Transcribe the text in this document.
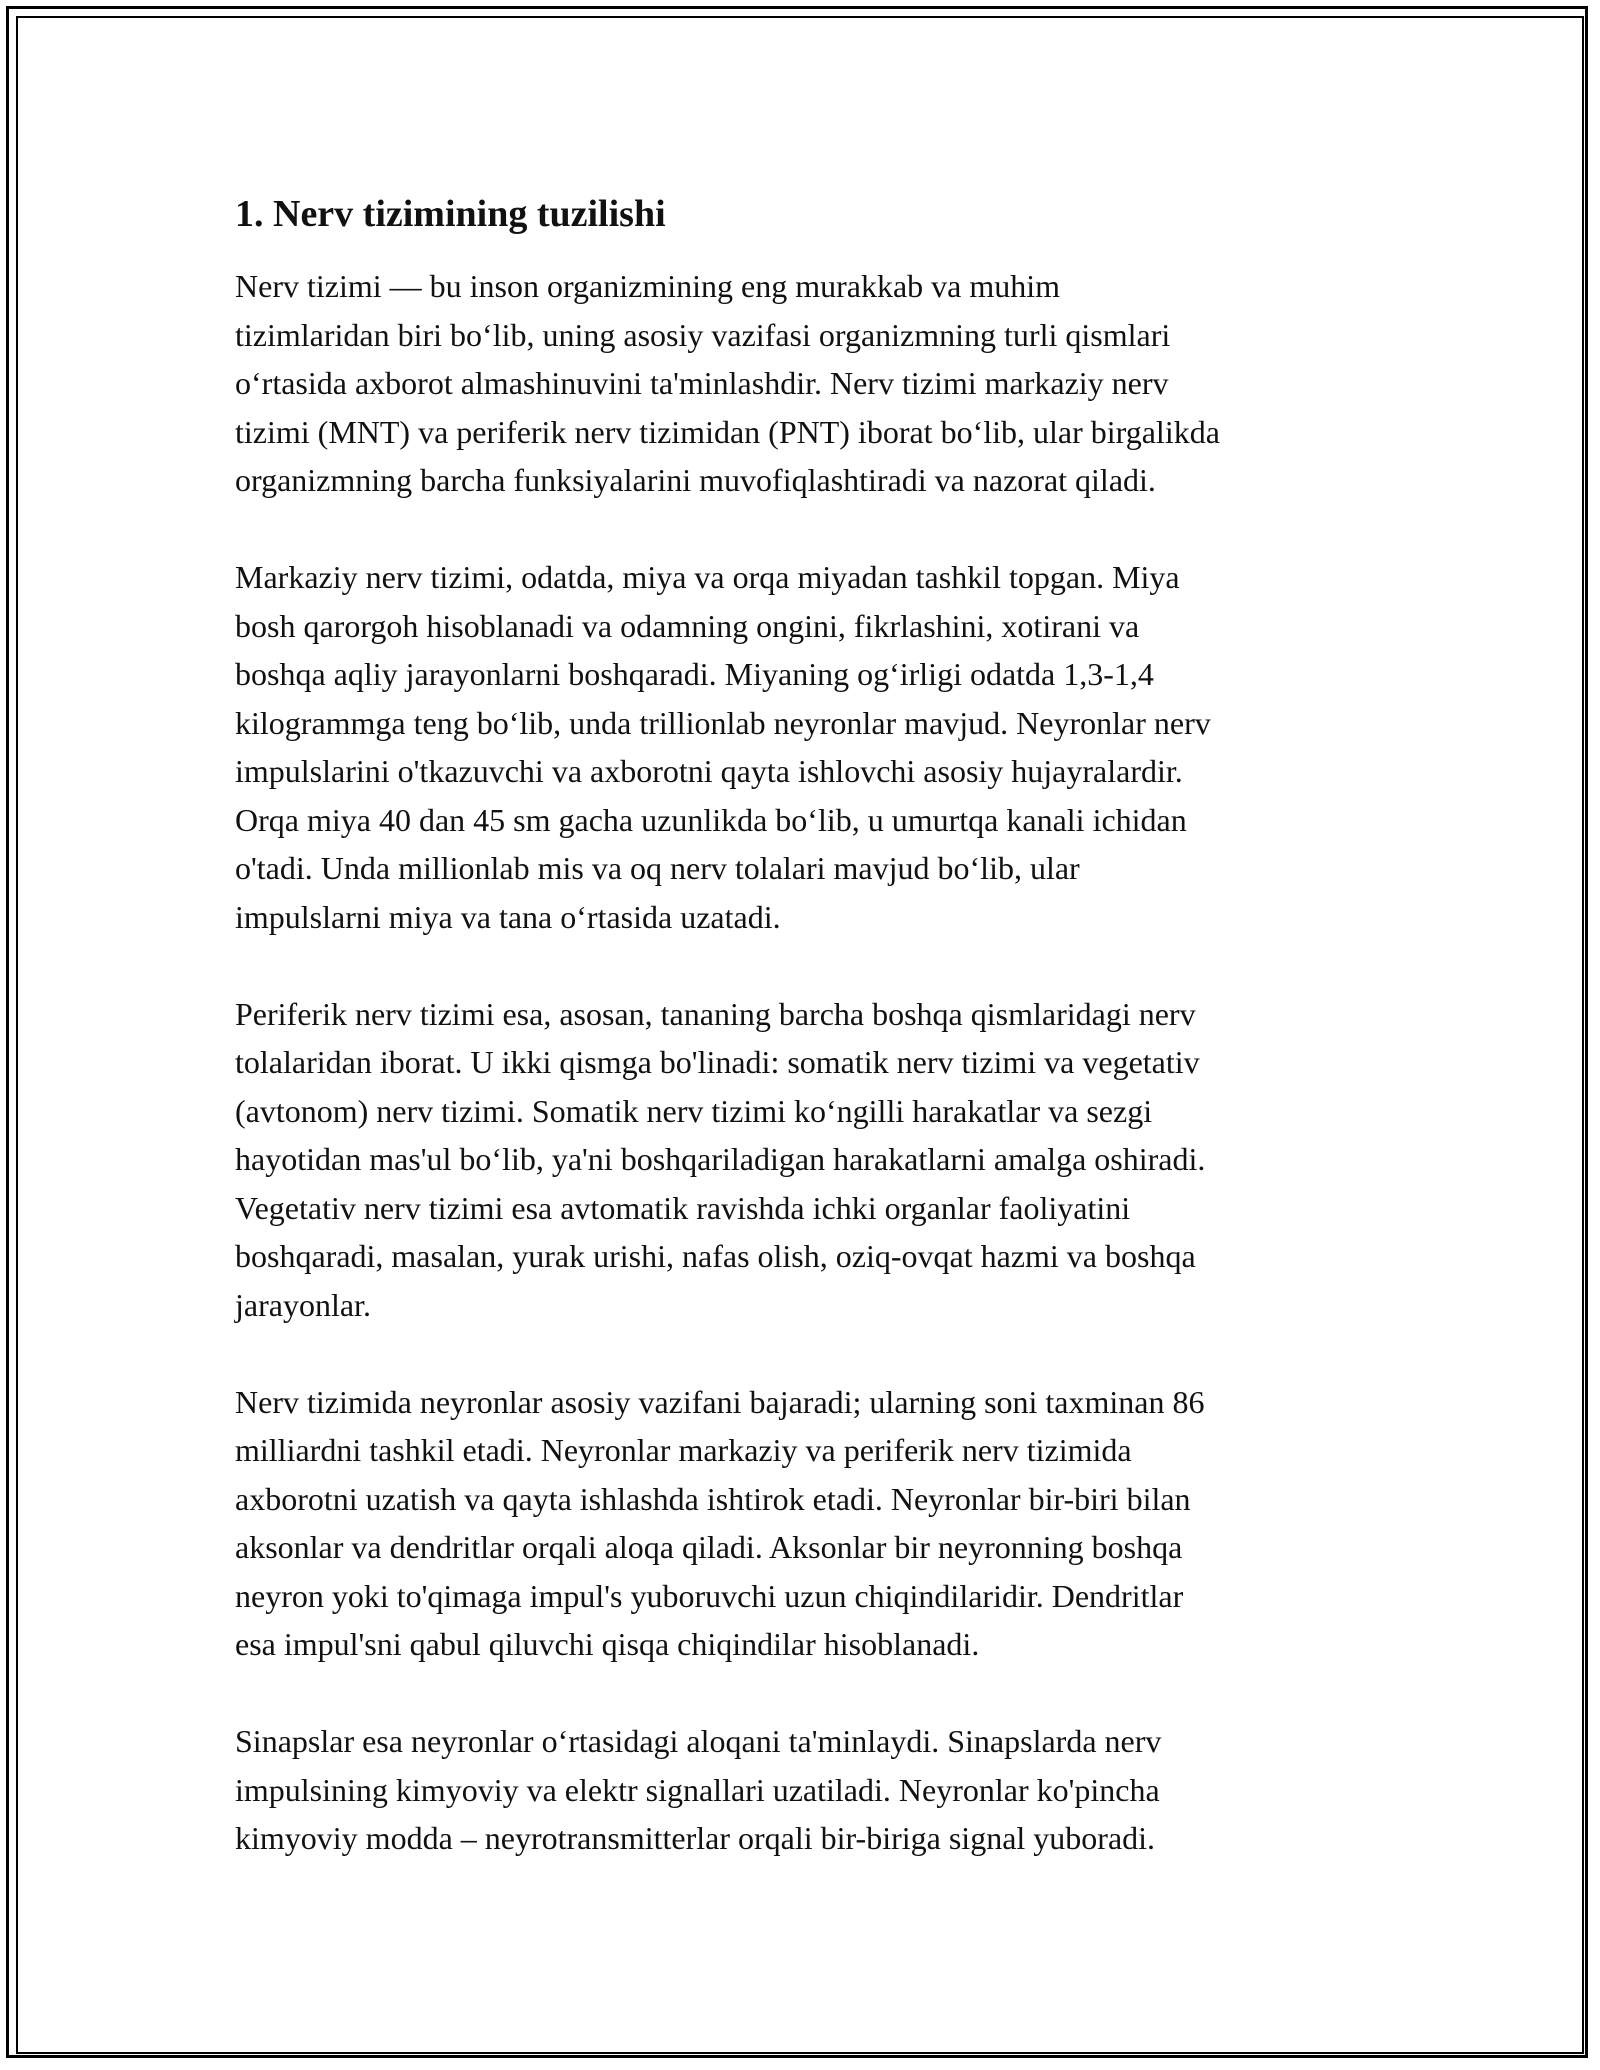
1. Nerv tizimining tuzilishi

Nerv tizimi — bu inson organizmining eng murakkab va muhim
tizimlaridan biri bo‘lib, uning asosiy vazifasi organizmning turli qismlari
o‘rtasida axborot almashinuvini ta'minlashdir. Nerv tizimi markaziy nerv
tizimi (MNT) va periferik nerv tizimidan (PNT) iborat bo‘lib, ular birgalikda
organizmning barcha funksiyalarini muvofiqlashtiradi va nazorat qiladi.

Markaziy nerv tizimi, odatda, miya va orqa miyadan tashkil topgan. Miya
bosh qarorgoh hisoblanadi va odamning ongini, fikrlashini, xotirani va
boshqa aqliy jarayonlarni boshqaradi. Miyaning og‘irligi odatda 1,3-1,4
kilogrammga teng bo‘lib, unda trillionlab neyronlar mavjud. Neyronlar nerv
impulslarini o'tkazuvchi va axborotni qayta ishlovchi asosiy hujayralardir.
Orqa miya 40 dan 45 sm gacha uzunlikda bo‘lib, u umurtqa kanali ichidan
o'tadi. Unda millionlab mis va oq nerv tolalari mavjud bo‘lib, ular
impulslarni miya va tana o‘rtasida uzatadi.

Periferik nerv tizimi esa, asosan, tananing barcha boshqa qismlaridagi nerv
tolalaridan iborat. U ikki qismga bo'linadi: somatik nerv tizimi va vegetativ
(avtonom) nerv tizimi. Somatik nerv tizimi ko‘ngilli harakatlar va sezgi
hayotidan mas'ul bo‘lib, ya'ni boshqariladigan harakatlarni amalga oshiradi.
Vegetativ nerv tizimi esa avtomatik ravishda ichki organlar faoliyatini
boshqaradi, masalan, yurak urishi, nafas olish, oziq-ovqat hazmi va boshqa
jarayonlar.

Nerv tizimida neyronlar asosiy vazifani bajaradi; ularning soni taxminan 86
milliardni tashkil etadi. Neyronlar markaziy va periferik nerv tizimida
axborotni uzatish va qayta ishlashda ishtirok etadi. Neyronlar bir-biri bilan
aksonlar va dendritlar orqali aloqa qiladi. Aksonlar bir neyronning boshqa
neyron yoki to'qimaga impul's yuboruvchi uzun chiqindilaridir. Dendritlar
esa impul'sni qabul qiluvchi qisqa chiqindilar hisoblanadi.

Sinapslar esa neyronlar o‘rtasidagi aloqani ta'minlaydi. Sinapslarda nerv
impulsining kimyoviy va elektr signallari uzatiladi. Neyronlar ko'pincha
kimyoviy modda – neyrotransmitterlar orqali bir-biriga signal yuboradi.
